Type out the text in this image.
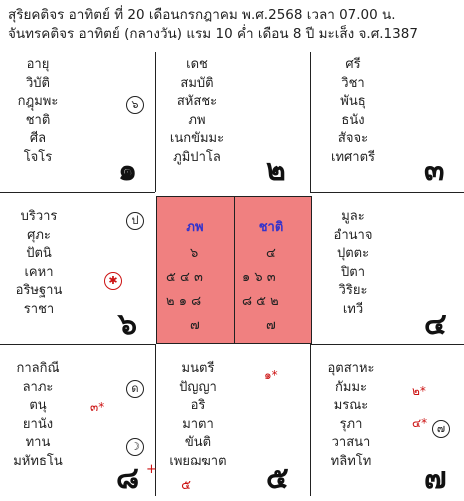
สุริยคติจร อาทิตย์ ที่ 20 เดือนกรกฎาคม พ.ศ.2568 เวลา 07.00 น.
จันทรคติจร อาทิตย์ (กลางวัน) แรม 10 ค่ำ เดือน 8 ปี มะเส็ง จ.ศ.1387
อายุ
วิบัติ
กฎุมพะ
ชาติ
ศีล
โจโร
๖
๑
เดช
สมบัติ
สหัสชะ
ภพ
เนกขัมมะ
ภูมิปาโล	๒
ศรี
วิชา
พันธุ
ธนัง
สัจจะ
เทศาตรี	๓
บริวาร
ศุภะ
ปัตนิ
เคหา
อริษฐาน
ราชา
ป
✱
๖
ภพ
๖
๕ ๔ ๓
๒ ๑ ๘
๗
ชาติ
๔
๑ ๖ ๓
๘ ๕ ๒
๗
มูละ
อำนาจ
ปุตตะ
ปิตา
วิริยะ
เทวี	๔
กาลกิณี
ลาภะ
ตนุ
ยานัง
ทาน
มหัทธโน
ด
๓*
☽
๘ +
มนตรี
ปัญญา
อริ
มาตา
ขันติ
เพยฌฆาต
๑*
๕	๕
อุตสาหะ
กัมมะ
มรณะ
รุภา
วาสนา
ทลิทโท
๒*
๔* ๗
๗
